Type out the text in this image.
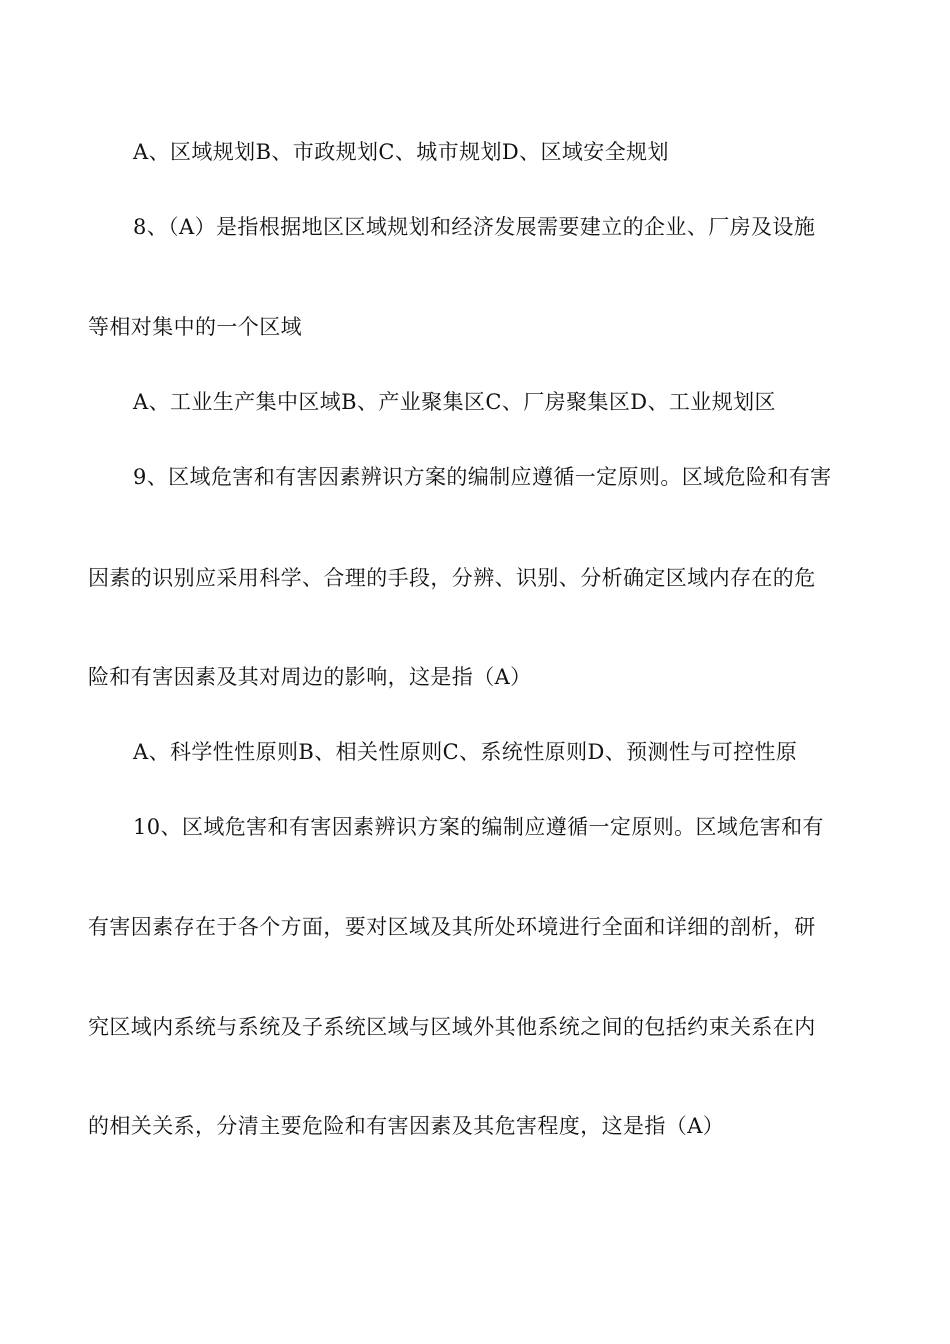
A、区域规划B、市政规划C、城市规划D、区域安全规划
8、（A）是指根据地区区域规划和经济发展需要建立的企业、厂房及设施
等相对集中的一个区域
A、工业生产集中区域B、产业聚集区C、厂房聚集区D、工业规划区
9、区域危害和有害因素辨识方案的编制应遵循一定原则。区域危险和有害
因素的识别应采用科学、合理的手段，分辨、识别、分析确定区域内存在的危
险和有害因素及其对周边的影响，这是指（A）
A、科学性性原则B、相关性原则C、系统性原则D、预测性与可控性原
10、区域危害和有害因素辨识方案的编制应遵循一定原则。区域危害和有
有害因素存在于各个方面，要对区域及其所处环境进行全面和详细的剖析，研
究区域内系统与系统及子系统区域与区域外其他系统之间的包括约束关系在内
的相关关系，分清主要危险和有害因素及其危害程度，这是指（A）
